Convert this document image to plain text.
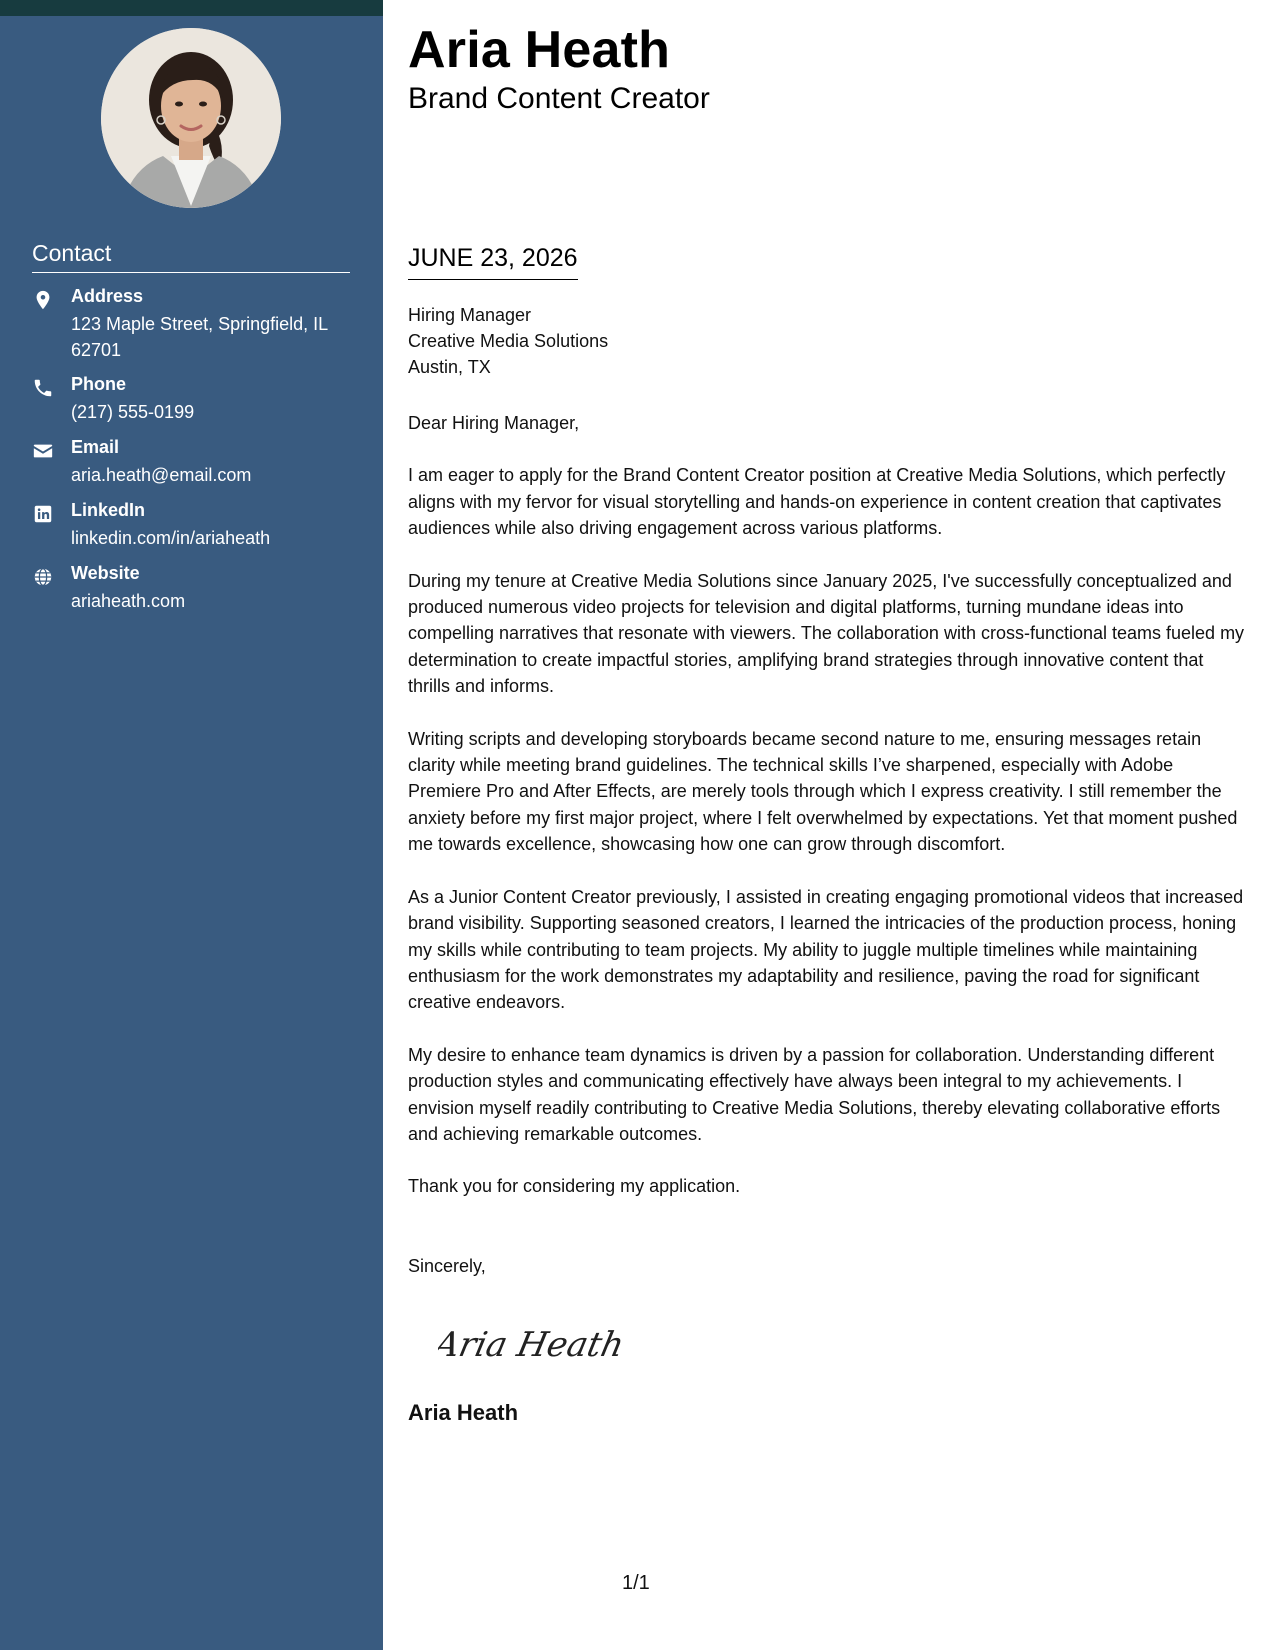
Contact
Address
123 Maple Street, Springfield, IL 62701
Phone
(217) 555-0199
Email
aria.heath@email.com
LinkedIn
linkedin.com/in/ariaheath
Website
ariaheath.com
Aria Heath
Brand Content Creator
JUNE 23, 2026
Hiring Manager
Creative Media Solutions
Austin, TX

Dear Hiring Manager,

I am eager to apply for the Brand Content Creator position at Creative Media Solutions, which perfectly aligns with my fervor for visual storytelling and hands-on experience in content creation that captivates audiences while also driving engagement across various platforms.

During my tenure at Creative Media Solutions since January 2025, I've successfully conceptualized and produced numerous video projects for television and digital platforms, turning mundane ideas into compelling narratives that resonate with viewers. The collaboration with cross-functional teams fueled my determination to create impactful stories, amplifying brand strategies through innovative content that thrills and informs.

Writing scripts and developing storyboards became second nature to me, ensuring messages retain clarity while meeting brand guidelines. The technical skills I’ve sharpened, especially with Adobe Premiere Pro and After Effects, are merely tools through which I express creativity. I still remember the anxiety before my first major project, where I felt overwhelmed by expectations. Yet that moment pushed me towards excellence, showcasing how one can grow through discomfort.

As a Junior Content Creator previously, I assisted in creating engaging promotional videos that increased brand visibility. Supporting seasoned creators, I learned the intricacies of the production process, honing my skills while contributing to team projects. My ability to juggle multiple timelines while maintaining enthusiasm for the work demonstrates my adaptability and resilience, paving the road for significant creative endeavors.

My desire to enhance team dynamics is driven by a passion for collaboration. Understanding different production styles and communicating effectively have always been integral to my achievements. I envision myself readily contributing to Creative Media Solutions, thereby elevating collaborative efforts and achieving remarkable outcomes.

Thank you for considering my application.

Sincerely,
Aria Heath
Aria Heath
1/1
